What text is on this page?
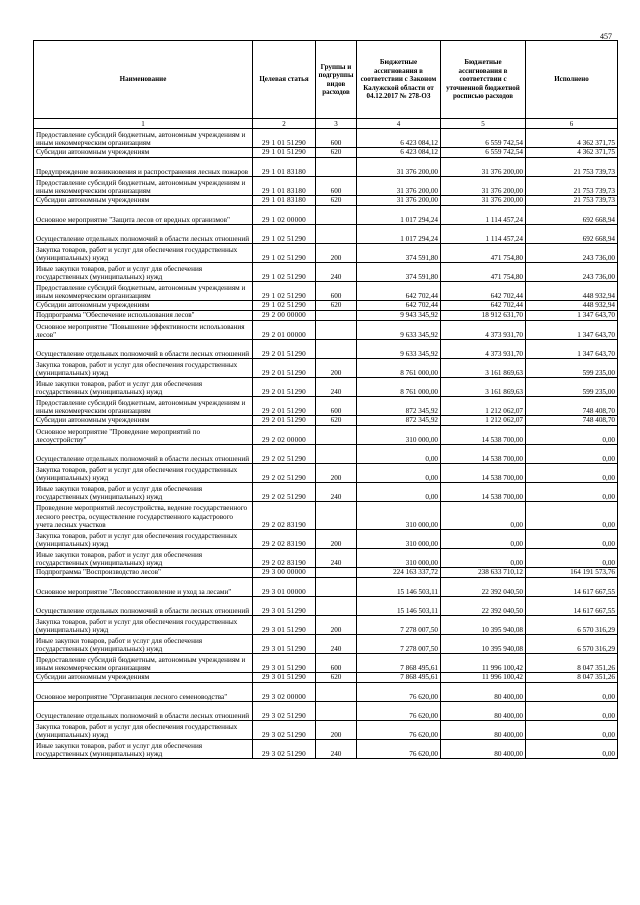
457
Наименование	Целевая статья	Группы и подгруппы видов расходов	Бюджетные ассигнования в соответствии с Законом Калужской области от 04.12.2017 № 278-ОЗ	Бюджетные ассигнования в соответствии с уточненной бюджетной росписью расходов	Исполнено
1	2	3	4	5	6
Предоставление субсидий бюджетным, автономным учреждениям и иным некоммерческим организациям	29 1 01 51290	600	6 423 084,12	6 559 742,54	4 362 371,75
Субсидии автономным учреждениям	29 1 01 51290	620	6 423 084,12	6 559 742,54	4 362 371,75
Предупреждение возникновения и распространения лесных пожаров	29 1 01 83180		31 376 200,00	31 376 200,00	21 753 739,73
Предоставление субсидий бюджетным, автономным учреждениям и иным некоммерческим организациям	29 1 01 83180	600	31 376 200,00	31 376 200,00	21 753 739,73
Субсидии автономным учреждениям	29 1 01 83180	620	31 376 200,00	31 376 200,00	21 753 739,73
Основное мероприятие "Защита лесов от вредных организмов"	29 1 02 00000		1 017 294,24	1 114 457,24	692 668,94
Осуществление отдельных полномочий в области лесных отношений	29 1 02 51290		1 017 294,24	1 114 457,24	692 668,94
Закупка товаров, работ и услуг для обеспечения государственных (муниципальных) нужд	29 1 02 51290	200	374 591,80	471 754,80	243 736,00
Иные закупки товаров, работ и услуг для обеспечения государственных (муниципальных) нужд	29 1 02 51290	240	374 591,80	471 754,80	243 736,00
Предоставление субсидий бюджетным, автономным учреждениям и иным некоммерческим организациям	29 1 02 51290	600	642 702,44	642 702,44	448 932,94
Субсидии автономным учреждениям	29 1 02 51290	620	642 702,44	642 702,44	448 932,94
Подпрограмма "Обеспечение использования лесов"	29 2 00 00000		9 943 345,92	18 912 631,70	1 347 643,70
Основное мероприятие "Повышение эффективности использования лесов"	29 2 01 00000		9 633 345,92	4 373 931,70	1 347 643,70
Осуществление отдельных полномочий в области лесных отношений	29 2 01 51290		9 633 345,92	4 373 931,70	1 347 643,70
Закупка товаров, работ и услуг для обеспечения государственных (муниципальных) нужд	29 2 01 51290	200	8 761 000,00	3 161 869,63	599 235,00
Иные закупки товаров, работ и услуг для обеспечения государственных (муниципальных) нужд	29 2 01 51290	240	8 761 000,00	3 161 869,63	599 235,00
Предоставление субсидий бюджетным, автономным учреждениям и иным некоммерческим организациям	29 2 01 51290	600	872 345,92	1 212 062,07	748 408,70
Субсидии автономным учреждениям	29 2 01 51290	620	872 345,92	1 212 062,07	748 408,70
Основное мероприятие "Проведение мероприятий по лесоустройству"	29 2 02 00000		310 000,00	14 538 700,00	0,00
Осуществление отдельных полномочий в области лесных отношений	29 2 02 51290		0,00	14 538 700,00	0,00
Закупка товаров, работ и услуг для обеспечения государственных (муниципальных) нужд	29 2 02 51290	200	0,00	14 538 700,00	0,00
Иные закупки товаров, работ и услуг для обеспечения государственных (муниципальных) нужд	29 2 02 51290	240	0,00	14 538 700,00	0,00
Проведение мероприятий лесоустройства, ведение государственного лесного реестра, осуществление государственного кадастрового учета лесных участков	29 2 02 83190		310 000,00	0,00	0,00
Закупка товаров, работ и услуг для обеспечения государственных (муниципальных) нужд	29 2 02 83190	200	310 000,00	0,00	0,00
Иные закупки товаров, работ и услуг для обеспечения государственных (муниципальных) нужд	29 2 02 83190	240	310 000,00	0,00	0,00
Подпрограмма "Воспроизводство лесов"	29 3 00 00000		224 163 337,72	238 633 710,12	164 191 573,76
Основное мероприятие "Лесовосстановление и уход за лесами"	29 3 01 00000		15 146 503,11	22 392 040,50	14 617 667,55
Осуществление отдельных полномочий в области лесных отношений	29 3 01 51290		15 146 503,11	22 392 040,50	14 617 667,55
Закупка товаров, работ и услуг для обеспечения государственных (муниципальных) нужд	29 3 01 51290	200	7 278 007,50	10 395 940,08	6 570 316,29
Иные закупки товаров, работ и услуг для обеспечения государственных (муниципальных) нужд	29 3 01 51290	240	7 278 007,50	10 395 940,08	6 570 316,29
Предоставление субсидий бюджетным, автономным учреждениям и иным некоммерческим организациям	29 3 01 51290	600	7 868 495,61	11 996 100,42	8 047 351,26
Субсидии автономным учреждениям	29 3 01 51290	620	7 868 495,61	11 996 100,42	8 047 351,26
Основное мероприятие "Организация лесного семеноводства"	29 3 02 00000		76 620,00	80 400,00	0,00
Осуществление отдельных полномочий в области лесных отношений	29 3 02 51290		76 620,00	80 400,00	0,00
Закупка товаров, работ и услуг для обеспечения государственных (муниципальных) нужд	29 3 02 51290	200	76 620,00	80 400,00	0,00
Иные закупки товаров, работ и услуг для обеспечения государственных (муниципальных) нужд	29 3 02 51290	240	76 620,00	80 400,00	0,00
